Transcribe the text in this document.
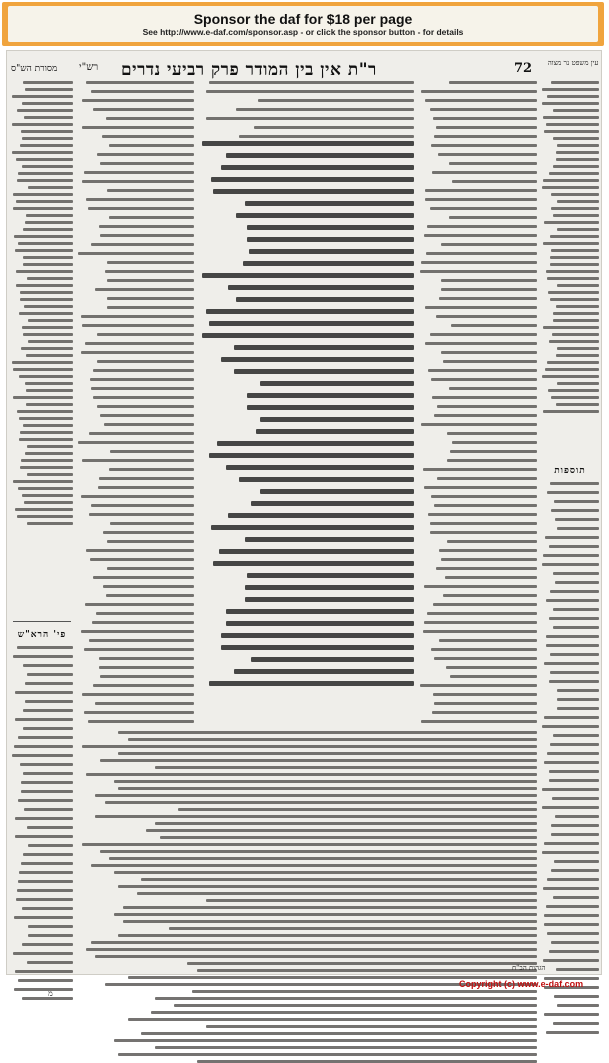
Sponsor the daf for $18 per page
See http://www.e-daf.com/sponsor.asp - or click the sponsor button - for details
72
ר"ת אין בין המודר פרק רביעי נדרים
רש"י
מסורת הש"ס
עין משפט נר מצוה
פי' הרא"ש
תוספות
הגהות הב"ח
מ
Copyright (c) www.e-daf.com
